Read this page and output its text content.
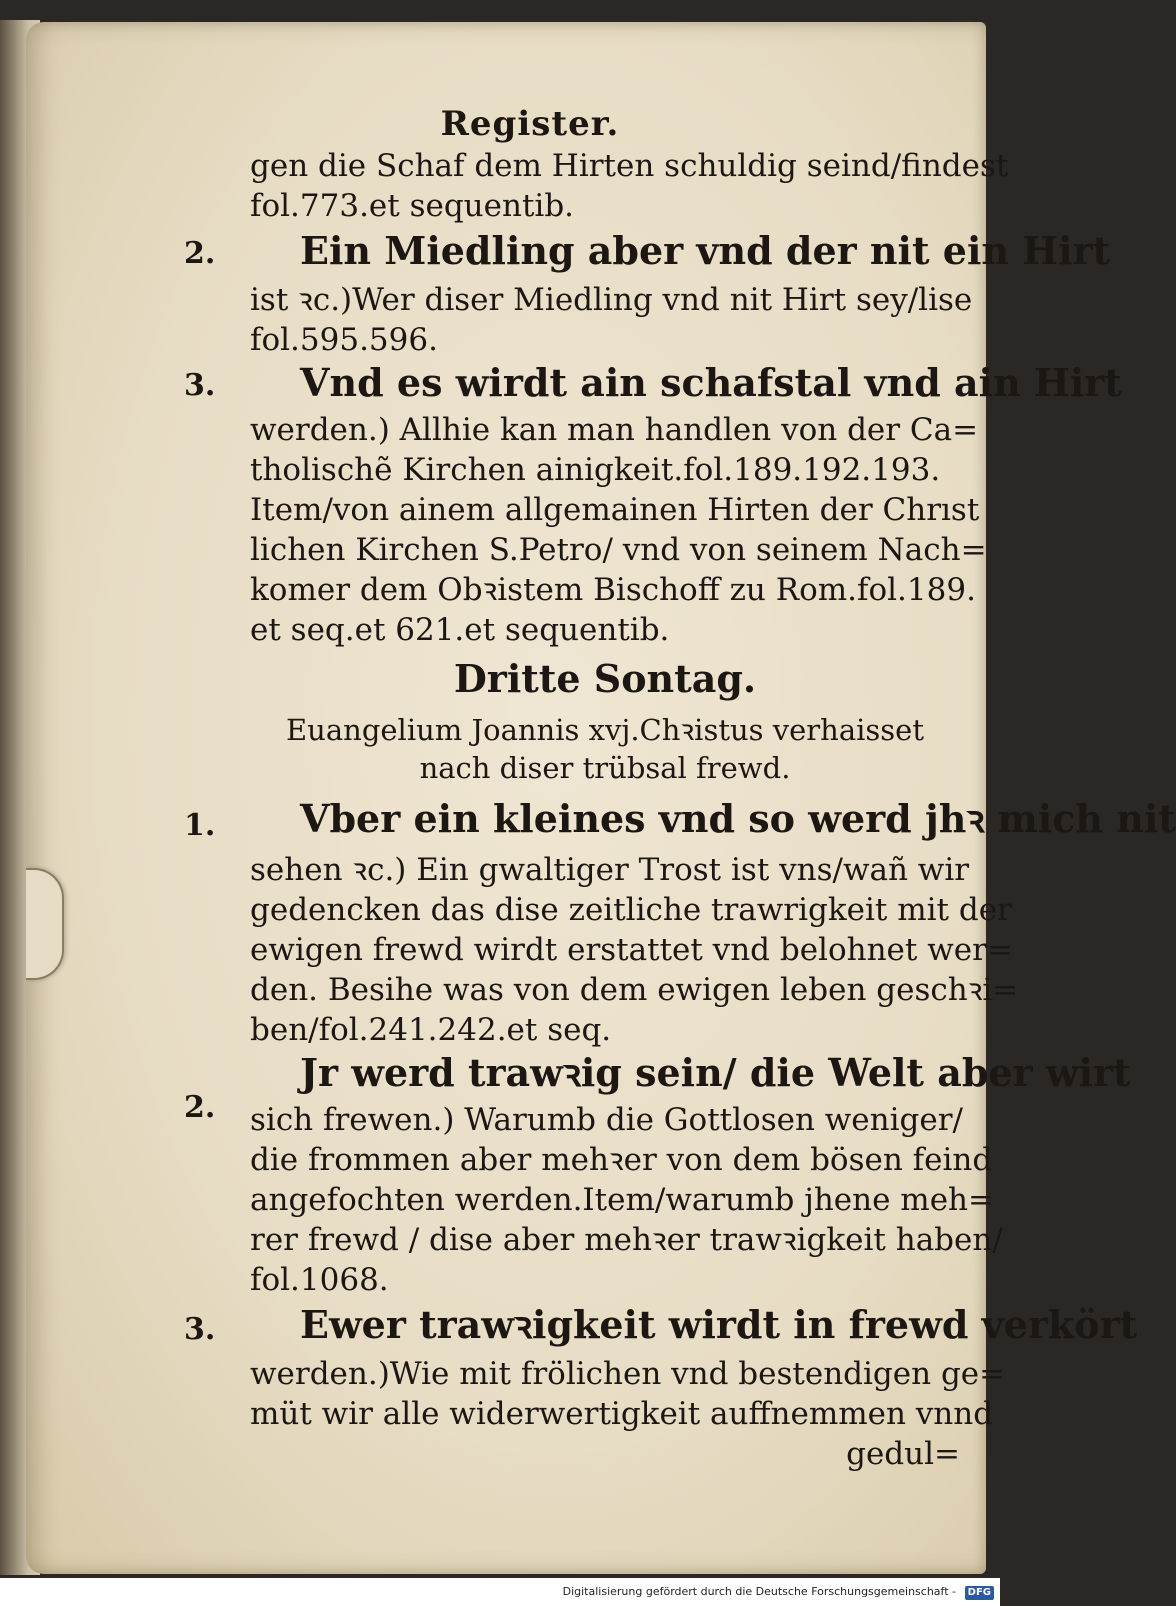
Register.
gen die Schaf dem Hirten schuldig seind/findest
fol.773.et sequentib.
2.	Ein Miedling aber vnd der nit ein Hirt
ist ꝛc.)Wer diser Miedling vnd nit Hirt sey/lise
fol.595.596.
3.	Vnd es wirdt ain schafstal vnd ain Hirt
werden.) Allhie kan man handlen von der Ca=
tholischẽ Kirchen ainigkeit.fol.189.192.193.
Item/von ainem allgemainen Hirten der Chrıst
lichen Kirchen S.Petro/ vnd von seinem Nach=
komer dem Obꝛistem Bischoff zu Rom.fol.189.
et seq.et 621.et sequentib.
Dritte Sontag.
Euangelium Joannis xvj.Chꝛistus verhaisset
nach diser trübsal frewd.
1.	Vber ein kleines vnd so werd jhꝛ mich nit
sehen ꝛc.) Ein gwaltiger Trost ist vns/wañ wir
gedencken das dise zeitliche trawrigkeit mit der
ewigen frewd wirdt erstattet vnd belohnet wer=
den. Besihe was von dem ewigen leben geschꝛi=
ben/fol.241.242.et seq.
Jr werd trawꝛig sein/ die Welt aber wirt
2. sich frewen.) Warumb die Gottlosen weniger/
die frommen aber mehꝛer von dem bösen feind
angefochten werden.Item/warumb jhene meh=
rer frewd / dise aber mehꝛer trawꝛigkeit haben/
fol.1068.
3.	Ewer trawꝛigkeit wirdt in frewd verkört
werden.)Wie mit frölichen vnd bestendigen ge=
müt wir alle widerwertigkeit auffnemmen vnnd
gedul=
Digitalisierung gefördert durch die Deutsche Forschungsgemeinschaft -	DFG
